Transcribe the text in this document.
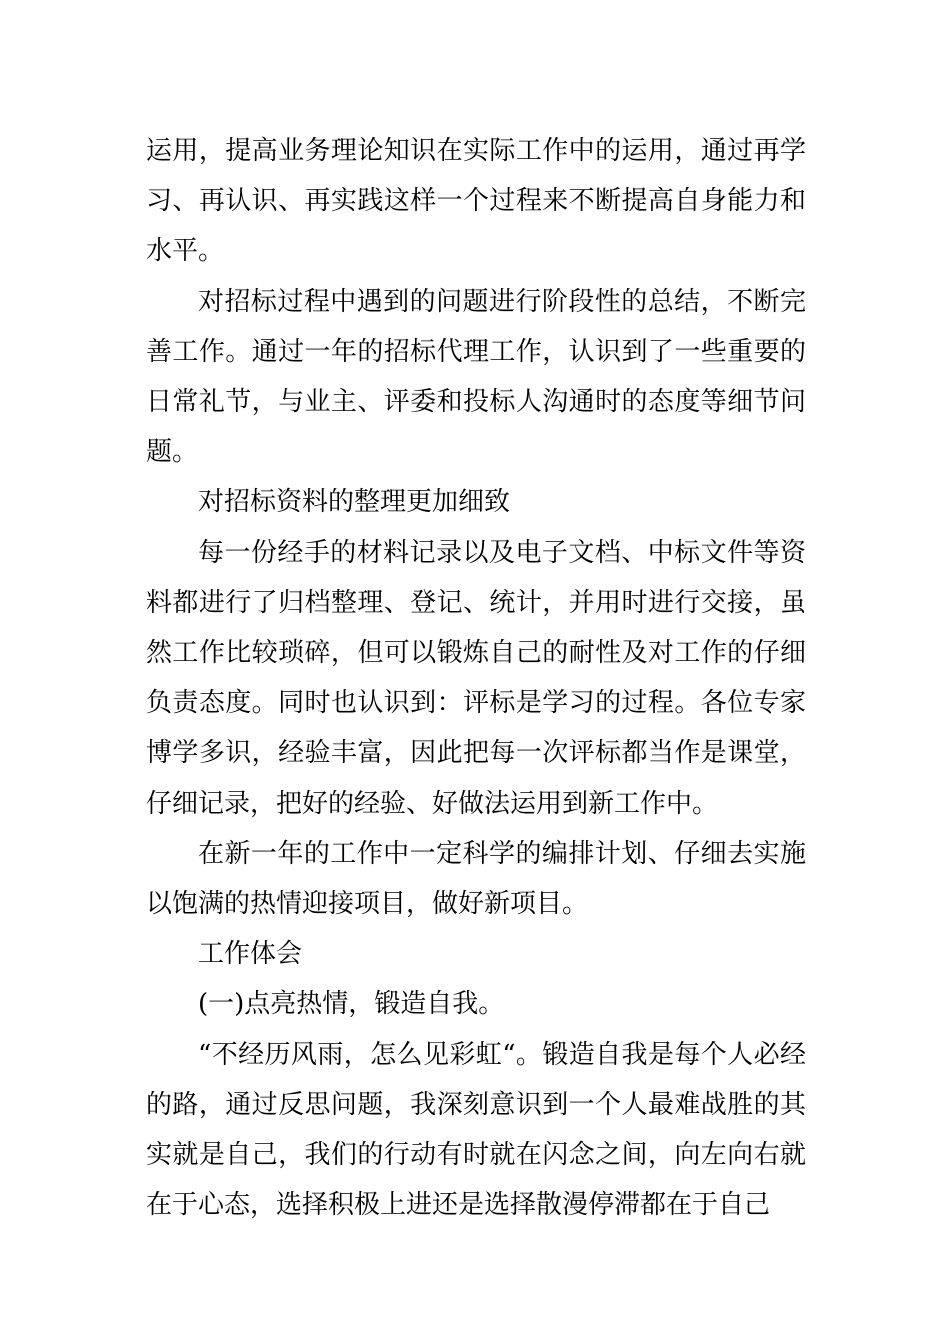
运用，提高业务理论知识在实际工作中的运用，通过再学习、再认识、再实践这样一个过程来不断提高自身能力和水平。

对招标过程中遇到的问题进行阶段性的总结，不断完善工作。通过一年的招标代理工作，认识到了一些重要的日常礼节，与业主、评委和投标人沟通时的态度等细节问题。

对招标资料的整理更加细致

每一份经手的材料记录以及电子文档、中标文件等资料都进行了归档整理、登记、统计，并用时进行交接，虽然工作比较琐碎，但可以锻炼自己的耐性及对工作的仔细负责态度。同时也认识到：评标是学习的过程。各位专家博学多识，经验丰富，因此把每一次评标都当作是课堂，仔细记录，把好的经验、好做法运用到新工作中。

在新一年的工作中一定科学的编排计划、仔细去实施以饱满的热情迎接项目，做好新项目。

工作体会

(一)点亮热情，锻造自我。

“不经历风雨，怎么见彩虹“。锻造自我是每个人必经的路，通过反思问题，我深刻意识到一个人最难战胜的其实就是自己，我们的行动有时就在闪念之间，向左向右就在于心态，选择积极上进还是选择散漫停滞都在于自己
